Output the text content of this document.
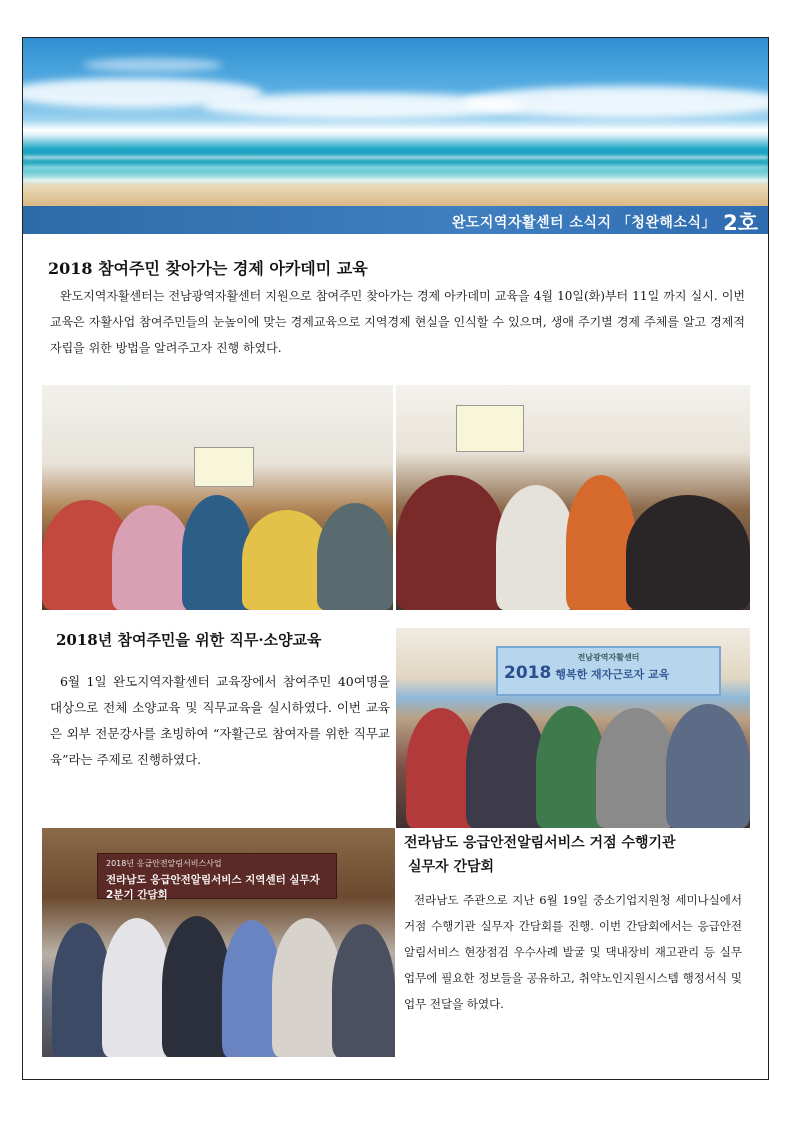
완도지역자활센터 소식지 「청완해소식」 2호
2018 참여주민 찾아가는 경제 아카데미 교육

완도지역자활센터는 전남광역자활센터 지원으로 참여주민 찾아가는 경제 아카데미 교육을 4월 10일(화)부터 11일 까지 실시. 이번 교육은 자활사업 참여주민들의 눈높이에 맞는 경제교육으로 지역경제 현실을 인식할 수 있으며, 생애 주기별 경제 주체를 알고 경제적 자립을 위한 방법을 알려주고자 진행 하였다.

2018년 참여주민을 위한 직무·소양교육

6월 1일 완도지역자활센터 교육장에서 참여주민 40여명을 대상으로 전체 소양교육 및 직무교육을 실시하였다. 이번 교육은 외부 전문강사를 초빙하여 “자활근로 참여자를 위한 직무교육”라는 주제로 진행하였다.

전남광역자활센터
2018 행복한 재자근로자 교육
전라남도 응급안전알림서비스 거점 수행기관
실무자 간담회

전라남도 주관으로 지난 6월 19일 중소기업지원청 세미나실에서 거점 수행기관 실무자 간담회를 진행. 이번 간담회에서는 응급안전알림서비스 현장점검 우수사례 발굴 및 댁내장비 재고관리 등 실무업무에 필요한 정보들을 공유하고, 취약노인지원시스템 행정서식 및 업무 전달을 하였다.

2018년 응급안전알림서비스사업
전라남도 응급안전알림서비스 지역센터 실무자 2분기 간담회
